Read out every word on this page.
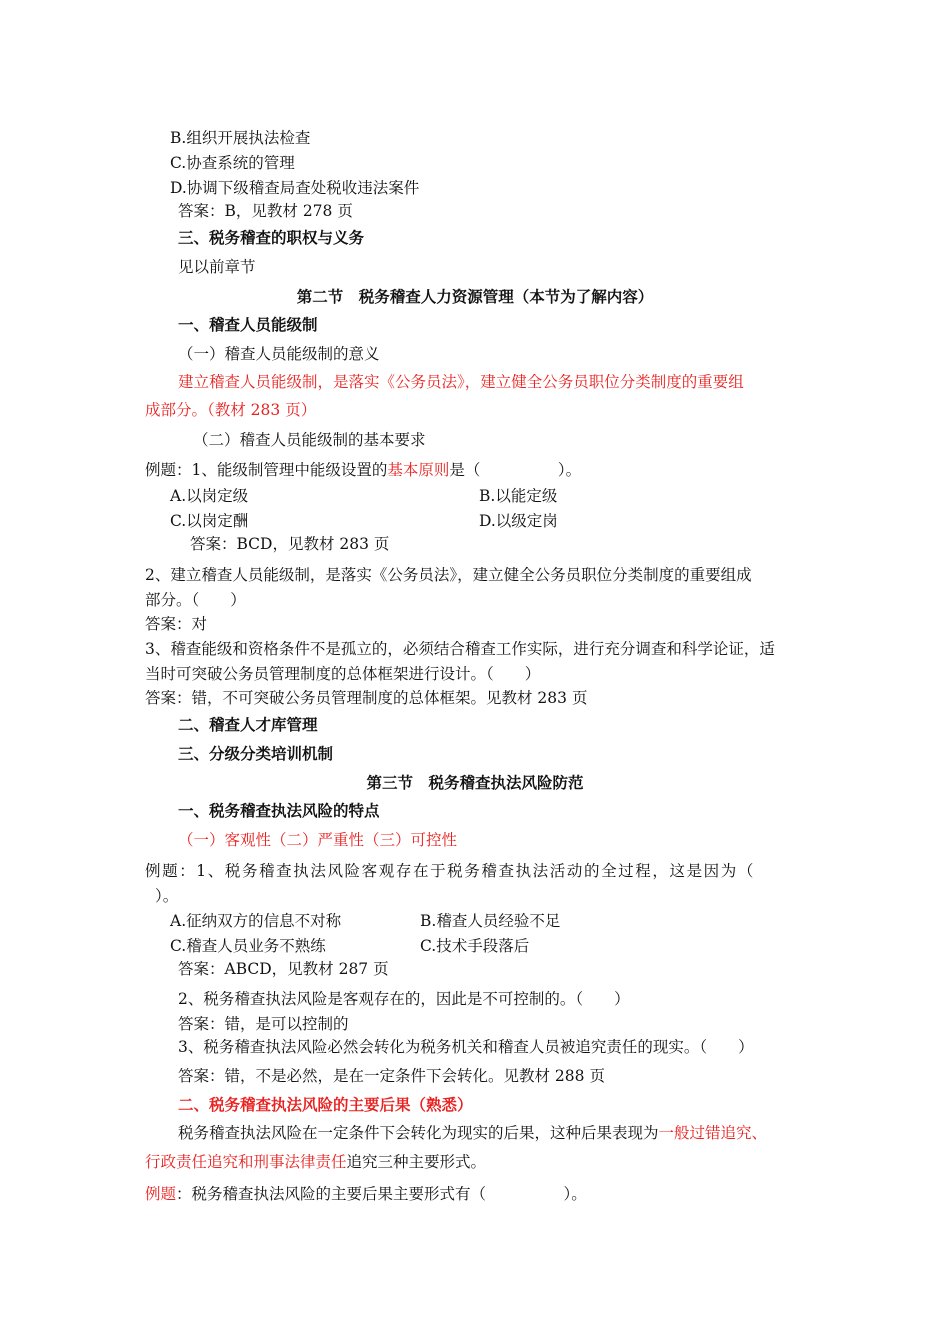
B.组织开展执法检查
C.协查系统的管理
D.协调下级稽查局查处税收违法案件
答案：B，见教材 278 页
三、税务稽查的职权与义务
见以前章节
第二节　税务稽查人力资源管理（本节为了解内容）
一、稽查人员能级制
（一）稽查人员能级制的意义
建立稽查人员能级制，是落实《公务员法》，建立健全公务员职位分类制度的重要组
成部分。（教材 283 页）
（二）稽查人员能级制的基本要求
例题：1、能级制管理中能级设置的基本原则是（　　　　　）。
A.以岗定级	B.以能定级
C.以岗定酬	D.以级定岗
答案：BCD，见教材 283 页
2、建立稽查人员能级制，是落实《公务员法》，建立健全公务员职位分类制度的重要组成
部分。（　　）
答案：对
3、稽查能级和资格条件不是孤立的，必须结合稽查工作实际，进行充分调查和科学论证，适
当时可突破公务员管理制度的总体框架进行设计。（　　）
答案：错，不可突破公务员管理制度的总体框架。见教材 283 页
二、稽查人才库管理
三、分级分类培训机制
第三节　税务稽查执法风险防范
一、税务稽查执法风险的特点
（一）客观性（二）严重性（三）可控性
例题：1、税务稽查执法风险客观存在于税务稽查执法活动的全过程，这是因为（
）。
A.征纳双方的信息不对称	B.稽查人员经验不足
C.稽查人员业务不熟练	C.技术手段落后
答案：ABCD，见教材 287 页
2、税务稽查执法风险是客观存在的，因此是不可控制的。（　　）
答案：错，是可以控制的
3、税务稽查执法风险必然会转化为税务机关和稽查人员被追究责任的现实。（　　）
答案：错，不是必然，是在一定条件下会转化。见教材 288 页
二、税务稽查执法风险的主要后果（熟悉）
税务稽查执法风险在一定条件下会转化为现实的后果，这种后果表现为一般过错追究、
行政责任追究和刑事法律责任追究三种主要形式。
例题：税务稽查执法风险的主要后果主要形式有（　　　　　）。
